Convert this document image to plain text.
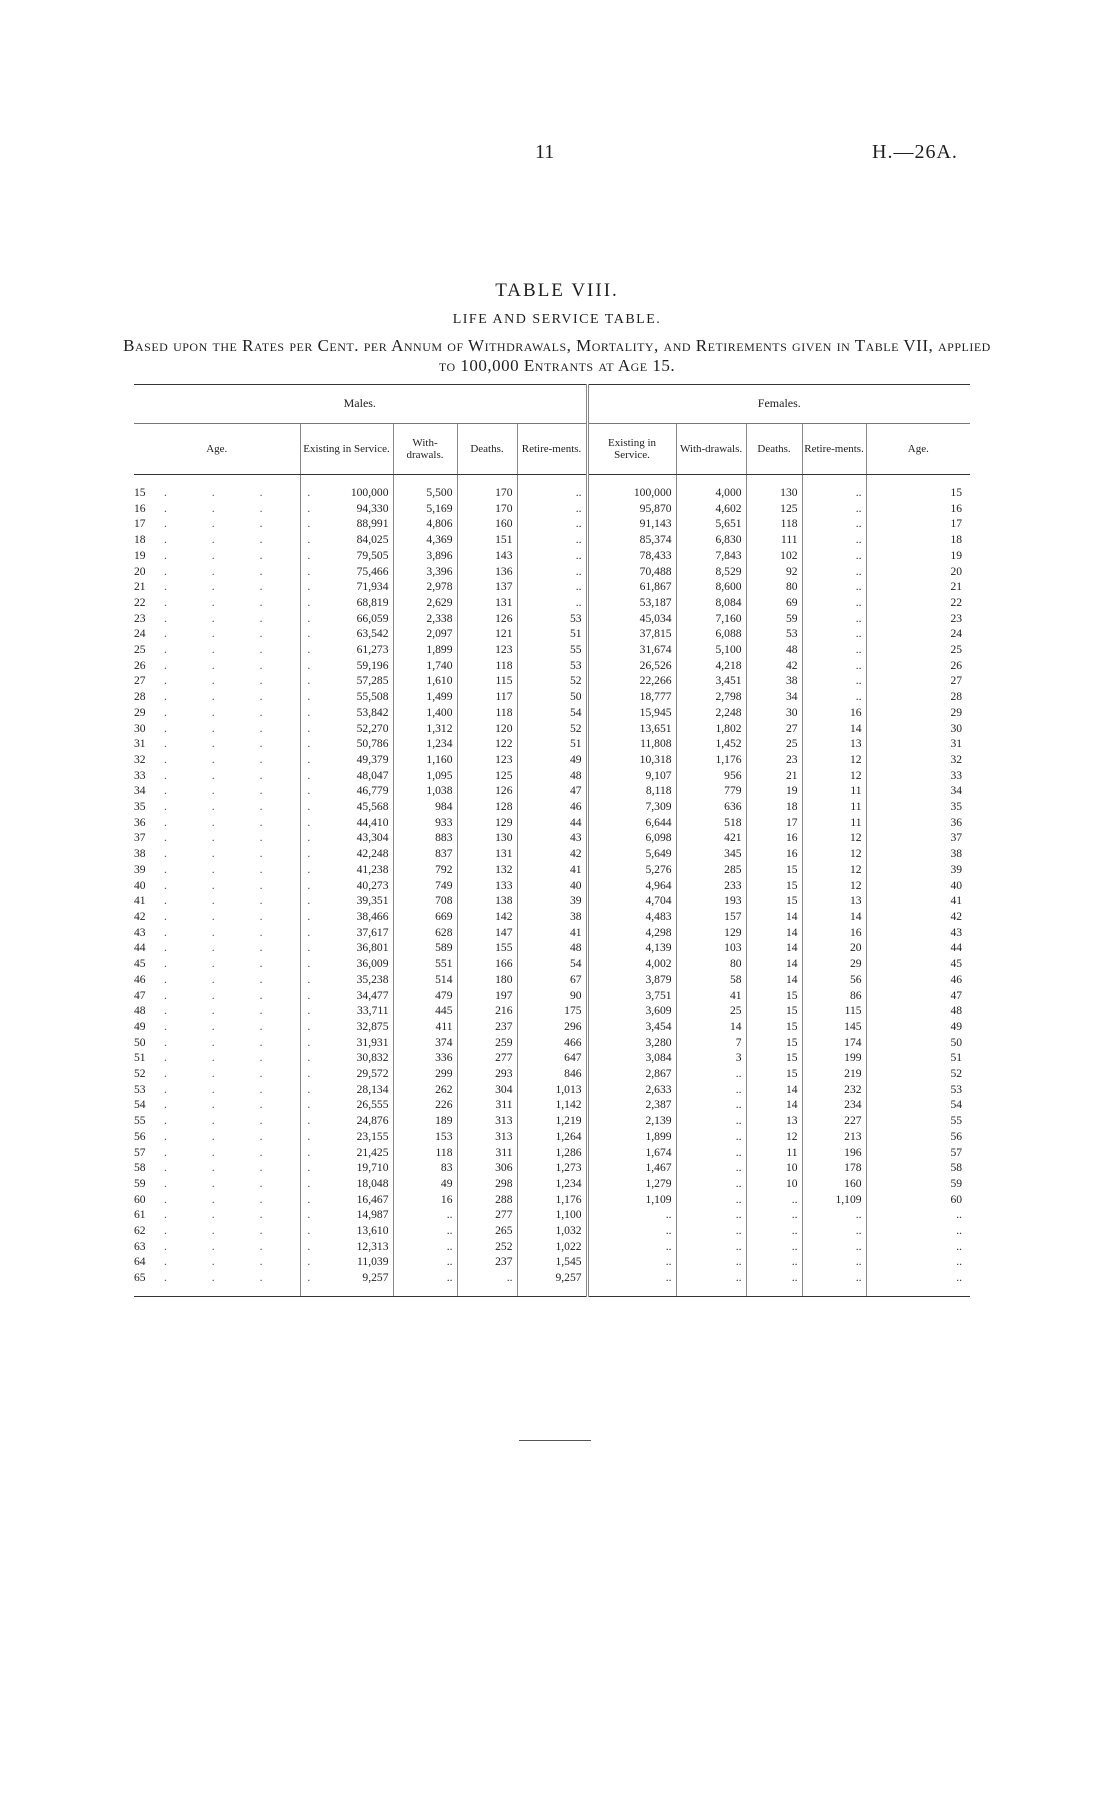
11	H.—26A.
TABLE VIII.
LIFE AND SERVICE TABLE.
Based upon the Rates per Cent. per Annum of Withdrawals, Mortality, and Retirements given in Table VII, applied to 100,000 Entrants at Age 15.
Males.					Females.				
Age.	Existing in Service.	With-drawals.	Deaths.	Retire-ments.	Existing in Service.	With-drawals.	Deaths.	Retire-ments.	Age.

15 . . . .	100,000	5,500	170	..	100,000	4,000	130	..	15
16 . . . .	94,330	5,169	170	..	95,870	4,602	125	..	16
17 . . . .	88,991	4,806	160	..	91,143	5,651	118	..	17
18 . . . .	84,025	4,369	151	..	85,374	6,830	111	..	18
19 . . . .	79,505	3,896	143	..	78,433	7,843	102	..	19
20 . . . .	75,466	3,396	136	..	70,488	8,529	92	..	20
21 . . . .	71,934	2,978	137	..	61,867	8,600	80	..	21
22 . . . .	68,819	2,629	131	..	53,187	8,084	69	..	22
23 . . . .	66,059	2,338	126	53	45,034	7,160	59	..	23
24 . . . .	63,542	2,097	121	51	37,815	6,088	53	..	24
25 . . . .	61,273	1,899	123	55	31,674	5,100	48	..	25
26 . . . .	59,196	1,740	118	53	26,526	4,218	42	..	26
27 . . . .	57,285	1,610	115	52	22,266	3,451	38	..	27
28 . . . .	55,508	1,499	117	50	18,777	2,798	34	..	28
29 . . . .	53,842	1,400	118	54	15,945	2,248	30	16	29
30 . . . .	52,270	1,312	120	52	13,651	1,802	27	14	30
31 . . . .	50,786	1,234	122	51	11,808	1,452	25	13	31
32 . . . .	49,379	1,160	123	49	10,318	1,176	23	12	32
33 . . . .	48,047	1,095	125	48	9,107	956	21	12	33
34 . . . .	46,779	1,038	126	47	8,118	779	19	11	34
35 . . . .	45,568	984	128	46	7,309	636	18	11	35
36 . . . .	44,410	933	129	44	6,644	518	17	11	36
37 . . . .	43,304	883	130	43	6,098	421	16	12	37
38 . . . .	42,248	837	131	42	5,649	345	16	12	38
39 . . . .	41,238	792	132	41	5,276	285	15	12	39
40 . . . .	40,273	749	133	40	4,964	233	15	12	40
41 . . . .	39,351	708	138	39	4,704	193	15	13	41
42 . . . .	38,466	669	142	38	4,483	157	14	14	42
43 . . . .	37,617	628	147	41	4,298	129	14	16	43
44 . . . .	36,801	589	155	48	4,139	103	14	20	44
45 . . . .	36,009	551	166	54	4,002	80	14	29	45
46 . . . .	35,238	514	180	67	3,879	58	14	56	46
47 . . . .	34,477	479	197	90	3,751	41	15	86	47
48 . . . .	33,711	445	216	175	3,609	25	15	115	48
49 . . . .	32,875	411	237	296	3,454	14	15	145	49
50 . . . .	31,931	374	259	466	3,280	7	15	174	50
51 . . . .	30,832	336	277	647	3,084	3	15	199	51
52 . . . .	29,572	299	293	846	2,867	..	15	219	52
53 . . . .	28,134	262	304	1,013	2,633	..	14	232	53
54 . . . .	26,555	226	311	1,142	2,387	..	14	234	54
55 . . . .	24,876	189	313	1,219	2,139	..	13	227	55
56 . . . .	23,155	153	313	1,264	1,899	..	12	213	56
57 . . . .	21,425	118	311	1,286	1,674	..	11	196	57
58 . . . .	19,710	83	306	1,273	1,467	..	10	178	58
59 . . . .	18,048	49	298	1,234	1,279	..	10	160	59
60 . . . .	16,467	16	288	1,176	1,109	..	..	1,109	60
61 . . . .	14,987	..	277	1,100	..	..	..	..	..
62 . . . .	13,610	..	265	1,032	..	..	..	..	..
63 . . . .	12,313	..	252	1,022	..	..	..	..	..
64 . . . .	11,039	..	237	1,545	..	..	..	..	..
65 . . . .	9,257	..	..	9,257	..	..	..	..	..
